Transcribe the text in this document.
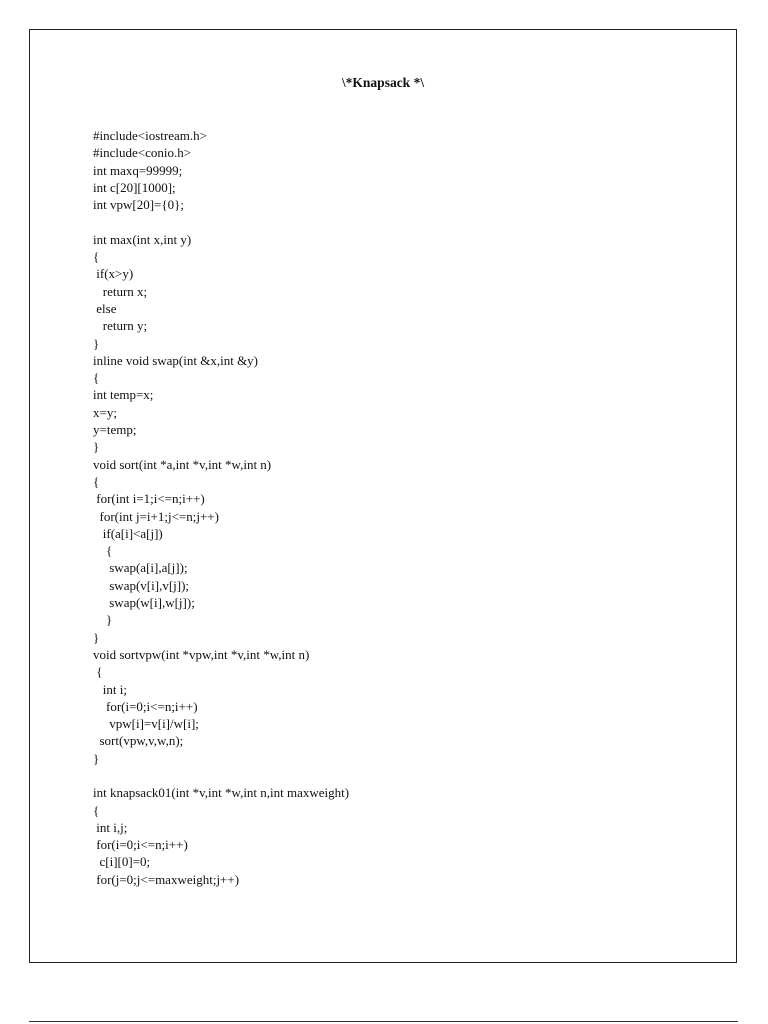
\*Knapsack *\
#include<iostream.h>
#include<conio.h>
int maxq=99999;
int c[20][1000];
int vpw[20]={0};
int max(int x,int y)
{
if(x>y)
return x;
else
return y;
}
inline void swap(int &x,int &y)
{
int temp=x;
x=y;
y=temp;
}
void sort(int *a,int *v,int *w,int n)
{
for(int i=1;i<=n;i++)
for(int j=i+1;j<=n;j++)
if(a[i]<a[j])
{
swap(a[i],a[j]);
swap(v[i],v[j]);
swap(w[i],w[j]);
}
}
void sortvpw(int *vpw,int *v,int *w,int n)
{
int i;
for(i=0;i<=n;i++)
vpw[i]=v[i]/w[i];
sort(vpw,v,w,n);
}
int knapsack01(int *v,int *w,int n,int maxweight)
{
int i,j;
for(i=0;i<=n;i++)
c[i][0]=0;
for(j=0;j<=maxweight;j++)
